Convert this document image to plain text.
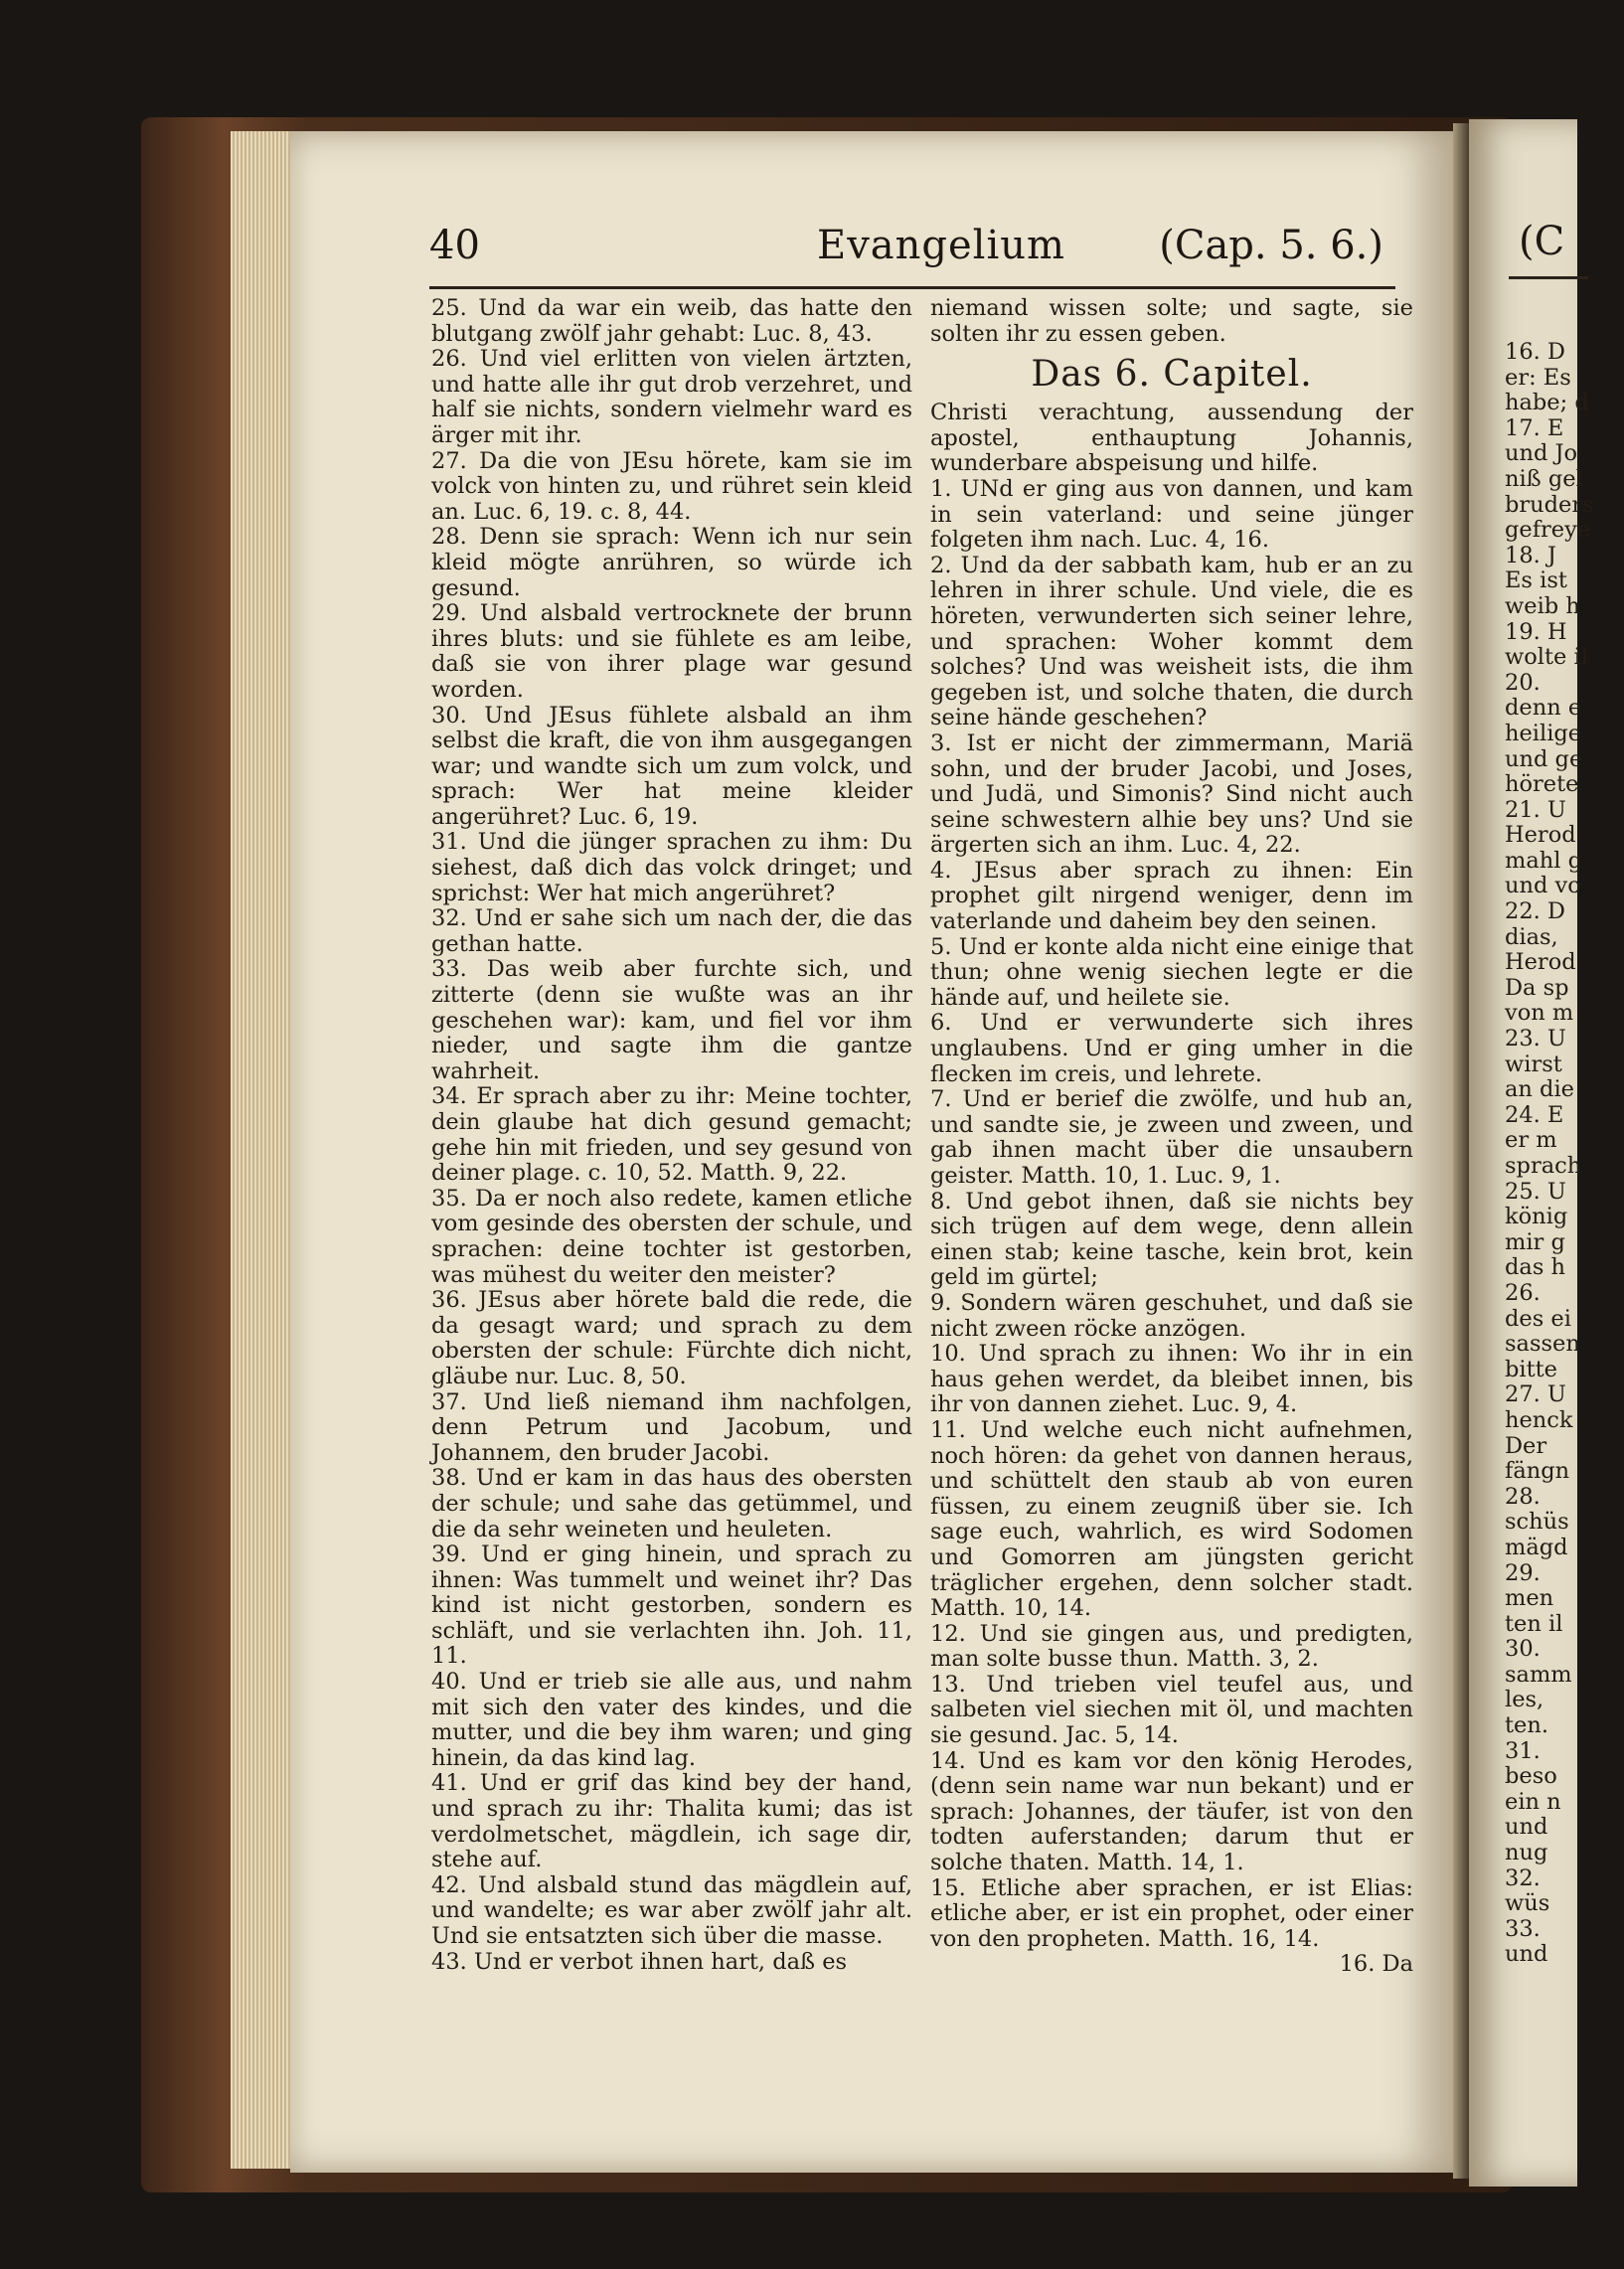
(C
16. D
er: Es
habe; d
17. E
und Jo
niß gel
bruders
gefreye
18. J
Es ist
weib h
19. H
wolte il
20.
denn e
heilige
und ge
hörete
21. U
Herod
mahl g
und vo
22. D
dias,
Herod
Da sp
von m
23. U
wirst
an die
24. E
er m
sprach
25. U
könig
mir g
das h
26.
des ei
sassen
bitte
27. U
henck
Der
fängn
28.
schüs
mägd
29.
men
ten il
30.
samm
les,
ten.
31.
beso
ein n
und
nug
32.
wüs
33.
und
40	Evangelium (Cap. 5. 6.)

25. Und da war ein weib, das hatte den blutgang zwölf jahr gehabt: Luc. 8, 43.

26. Und viel erlitten von vielen ärtzten, und hatte alle ihr gut drob verzehret, und half sie nichts, sondern vielmehr ward es ärger mit ihr.

27. Da die von JEsu hörete, kam sie im volck von hinten zu, und rühret sein kleid an. Luc. 6, 19. c. 8, 44.

28. Denn sie sprach: Wenn ich nur sein kleid mögte anrühren, so würde ich gesund.

29. Und alsbald vertrocknete der brunn ihres bluts: und sie fühlete es am leibe, daß sie von ihrer plage war gesund worden.

30. Und JEsus fühlete alsbald an ihm selbst die kraft, die von ihm ausgegangen war; und wandte sich um zum volck, und sprach: Wer hat meine kleider angerühret? Luc. 6, 19.

31. Und die jünger sprachen zu ihm: Du siehest, daß dich das volck dringet; und sprichst: Wer hat mich angerühret?

32. Und er sahe sich um nach der, die das gethan hatte.

33. Das weib aber furchte sich, und zitterte (denn sie wußte was an ihr geschehen war): kam, und fiel vor ihm nieder, und sagte ihm die gantze wahrheit.

34. Er sprach aber zu ihr: Meine tochter, dein glaube hat dich gesund gemacht; gehe hin mit frieden, und sey gesund von deiner plage. c. 10, 52. Matth. 9, 22.

35. Da er noch also redete, kamen etliche vom gesinde des obersten der schule, und sprachen: deine tochter ist gestorben, was mühest du weiter den meister?

36. JEsus aber hörete bald die rede, die da gesagt ward; und sprach zu dem obersten der schule: Fürchte dich nicht, gläube nur. Luc. 8, 50.

37. Und ließ niemand ihm nachfolgen, denn Petrum und Jacobum, und Johannem, den bruder Jacobi.

38. Und er kam in das haus des obersten der schule; und sahe das getümmel, und die da sehr weineten und heuleten.

39. Und er ging hinein, und sprach zu ihnen: Was tummelt und weinet ihr? Das kind ist nicht gestorben, sondern es schläft, und sie verlachten ihn. Joh. 11, 11.

40. Und er trieb sie alle aus, und nahm mit sich den vater des kindes, und die mutter, und die bey ihm waren; und ging hinein, da das kind lag.

41. Und er grif das kind bey der hand, und sprach zu ihr: Thalita kumi; das ist verdolmetschet, mägdlein, ich sage dir, stehe auf.

42. Und alsbald stund das mägdlein auf, und wandelte; es war aber zwölf jahr alt. Und sie entsatzten sich über die masse.

43. Und er verbot ihnen hart, daß es

niemand wissen solte; und sagte, sie solten ihr zu essen geben.

Das 6. Capitel.

Christi verachtung, aussendung der apostel, enthauptung Johannis, wunderbare abspeisung und hilfe.

1. UNd er ging aus von dannen, und kam in sein vaterland: und seine jünger folgeten ihm nach. Luc. 4, 16.

2. Und da der sabbath kam, hub er an zu lehren in ihrer schule. Und viele, die es höreten, verwunderten sich seiner lehre, und sprachen: Woher kommt dem solches? Und was weisheit ists, die ihm gegeben ist, und solche thaten, die durch seine hände geschehen?

3. Ist er nicht der zimmermann, Mariä sohn, und der bruder Jacobi, und Joses, und Judä, und Simonis? Sind nicht auch seine schwestern alhie bey uns? Und sie ärgerten sich an ihm. Luc. 4, 22.

4. JEsus aber sprach zu ihnen: Ein prophet gilt nirgend weniger, denn im vaterlande und daheim bey den seinen.

5. Und er konte alda nicht eine einige that thun; ohne wenig siechen legte er die hände auf, und heilete sie.

6. Und er verwunderte sich ihres unglaubens. Und er ging umher in die flecken im creis, und lehrete.

7. Und er berief die zwölfe, und hub an, und sandte sie, je zween und zween, und gab ihnen macht über die unsaubern geister. Matth. 10, 1. Luc. 9, 1.

8. Und gebot ihnen, daß sie nichts bey sich trügen auf dem wege, denn allein einen stab; keine tasche, kein brot, kein geld im gürtel;

9. Sondern wären geschuhet, und daß sie nicht zween röcke anzögen.

10. Und sprach zu ihnen: Wo ihr in ein haus gehen werdet, da bleibet innen, bis ihr von dannen ziehet. Luc. 9, 4.

11. Und welche euch nicht aufnehmen, noch hören: da gehet von dannen heraus, und schüttelt den staub ab von euren füssen, zu einem zeugniß über sie. Ich sage euch, wahrlich, es wird Sodomen und Gomorren am jüngsten gericht träglicher ergehen, denn solcher stadt. Matth. 10, 14.

12. Und sie gingen aus, und predigten, man solte busse thun. Matth. 3, 2.

13. Und trieben viel teufel aus, und salbeten viel siechen mit öl, und machten sie gesund. Jac. 5, 14.

14. Und es kam vor den könig Herodes, (denn sein name war nun bekant) und er sprach: Johannes, der täufer, ist von den todten auferstanden; darum thut er solche thaten. Matth. 14, 1.

15. Etliche aber sprachen, er ist Elias: etliche aber, er ist ein prophet, oder einer von den propheten. Matth. 16, 14.

16. Da
